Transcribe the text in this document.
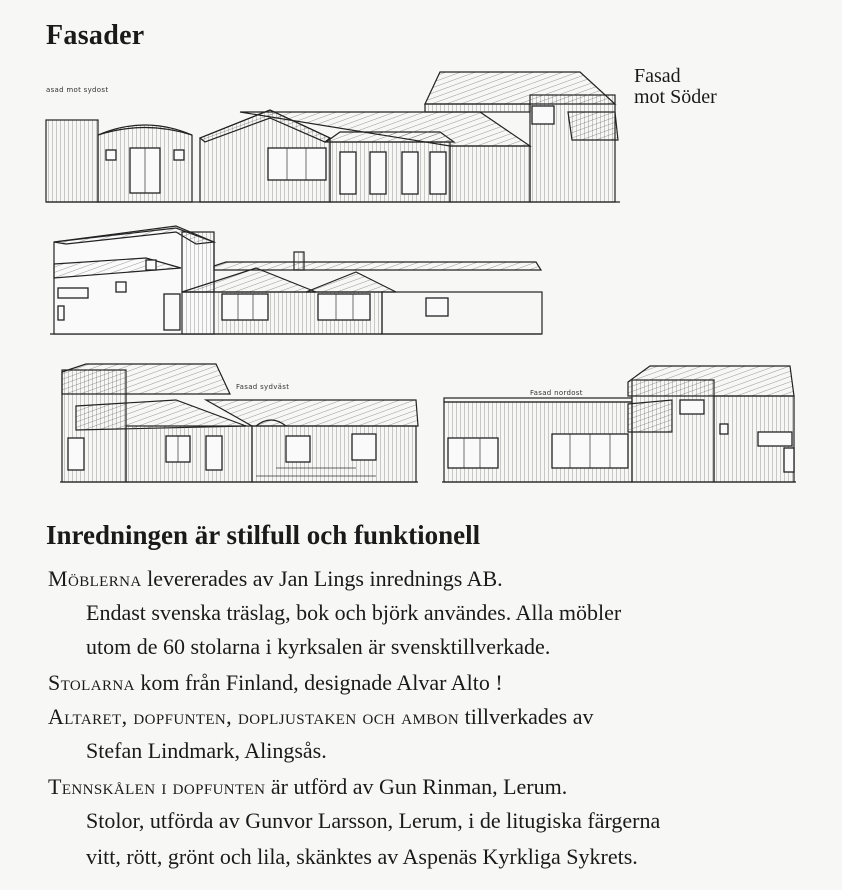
Fasader
asad mot sydost
Fasad
mot Söder
Fasad sydväst
Fasad nordost
Inredningen är stilfull och funktionell
Möblerna levererades av Jan Lings inrednings AB.
Endast svenska träslag, bok och björk användes. Alla möbler
utom de 60 stolarna i kyrksalen är svensktillverkade.
Stolarna kom från Finland, designade Alvar Alto !
Altaret, dopfunten, dopljustaken och ambon tillverkades av
Stefan Lindmark, Alingsås.
Tennskålen i dopfunten är utförd av Gun Rinman, Lerum.
Stolor, utförda av Gunvor Larsson, Lerum, i de litugiska färgerna
vitt, rött, grönt och lila, skänktes av Aspenäs Kyrkliga Sykrets.
